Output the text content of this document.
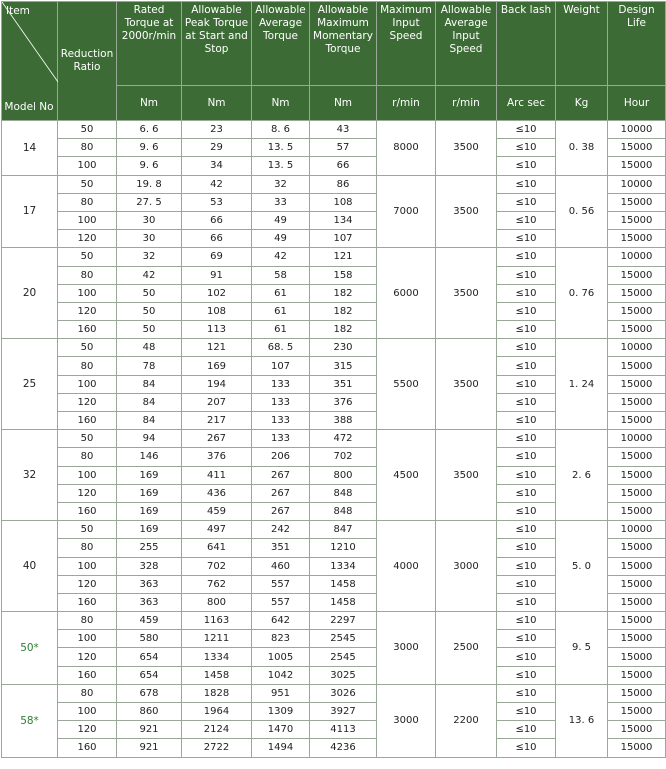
Item
Model No	Reduction Ratio	Rated Torque at 2000r/min	Allowable Peak Torque at Start and Stop	Allowable Average Torque	Allowable Maximum Momentary Torque	Maximum Input Speed	Allowable Average Input Speed	Back lash	Weight	Design Life
		Nm	Nm	Nm	Nm	r/min	r/min	Arc sec	Kg	Hour
14	50	6. 6	23	8. 6	43	8000	3500	≤10	0. 38	10000
	80	9. 6	29	13. 5	57			≤10		15000
	100	9. 6	34	13. 5	66			≤10		15000
17	50	19. 8	42	32	86	7000	3500	≤10	0. 56	10000
	80	27. 5	53	33	108			≤10		15000
	100	30	66	49	134			≤10		15000
	120	30	66	49	107			≤10		15000
20	50	32	69	42	121	6000	3500	≤10	0. 76	10000
	80	42	91	58	158			≤10		15000
	100	50	102	61	182			≤10		15000
	120	50	108	61	182			≤10		15000
	160	50	113	61	182			≤10		15000
25	50	48	121	68. 5	230	5500	3500	≤10	1. 24	10000
	80	78	169	107	315			≤10		15000
	100	84	194	133	351			≤10		15000
	120	84	207	133	376			≤10		15000
	160	84	217	133	388			≤10		15000
32	50	94	267	133	472	4500	3500	≤10	2. 6	10000
	80	146	376	206	702			≤10		15000
	100	169	411	267	800			≤10		15000
	120	169	436	267	848			≤10		15000
	160	169	459	267	848			≤10		15000
40	50	169	497	242	847	4000	3000	≤10	5. 0	10000
	80	255	641	351	1210			≤10		15000
	100	328	702	460	1334			≤10		15000
	120	363	762	557	1458			≤10		15000
	160	363	800	557	1458			≤10		15000
50*	80	459	1163	642	2297	3000	2500	≤10	9. 5	15000
	100	580	1211	823	2545			≤10		15000
	120	654	1334	1005	2545			≤10		15000
	160	654	1458	1042	3025			≤10		15000
58*	80	678	1828	951	3026	3000	2200	≤10	13. 6	15000
	100	860	1964	1309	3927			≤10		15000
	120	921	2124	1470	4113			≤10		15000
	160	921	2722	1494	4236			≤10		15000
